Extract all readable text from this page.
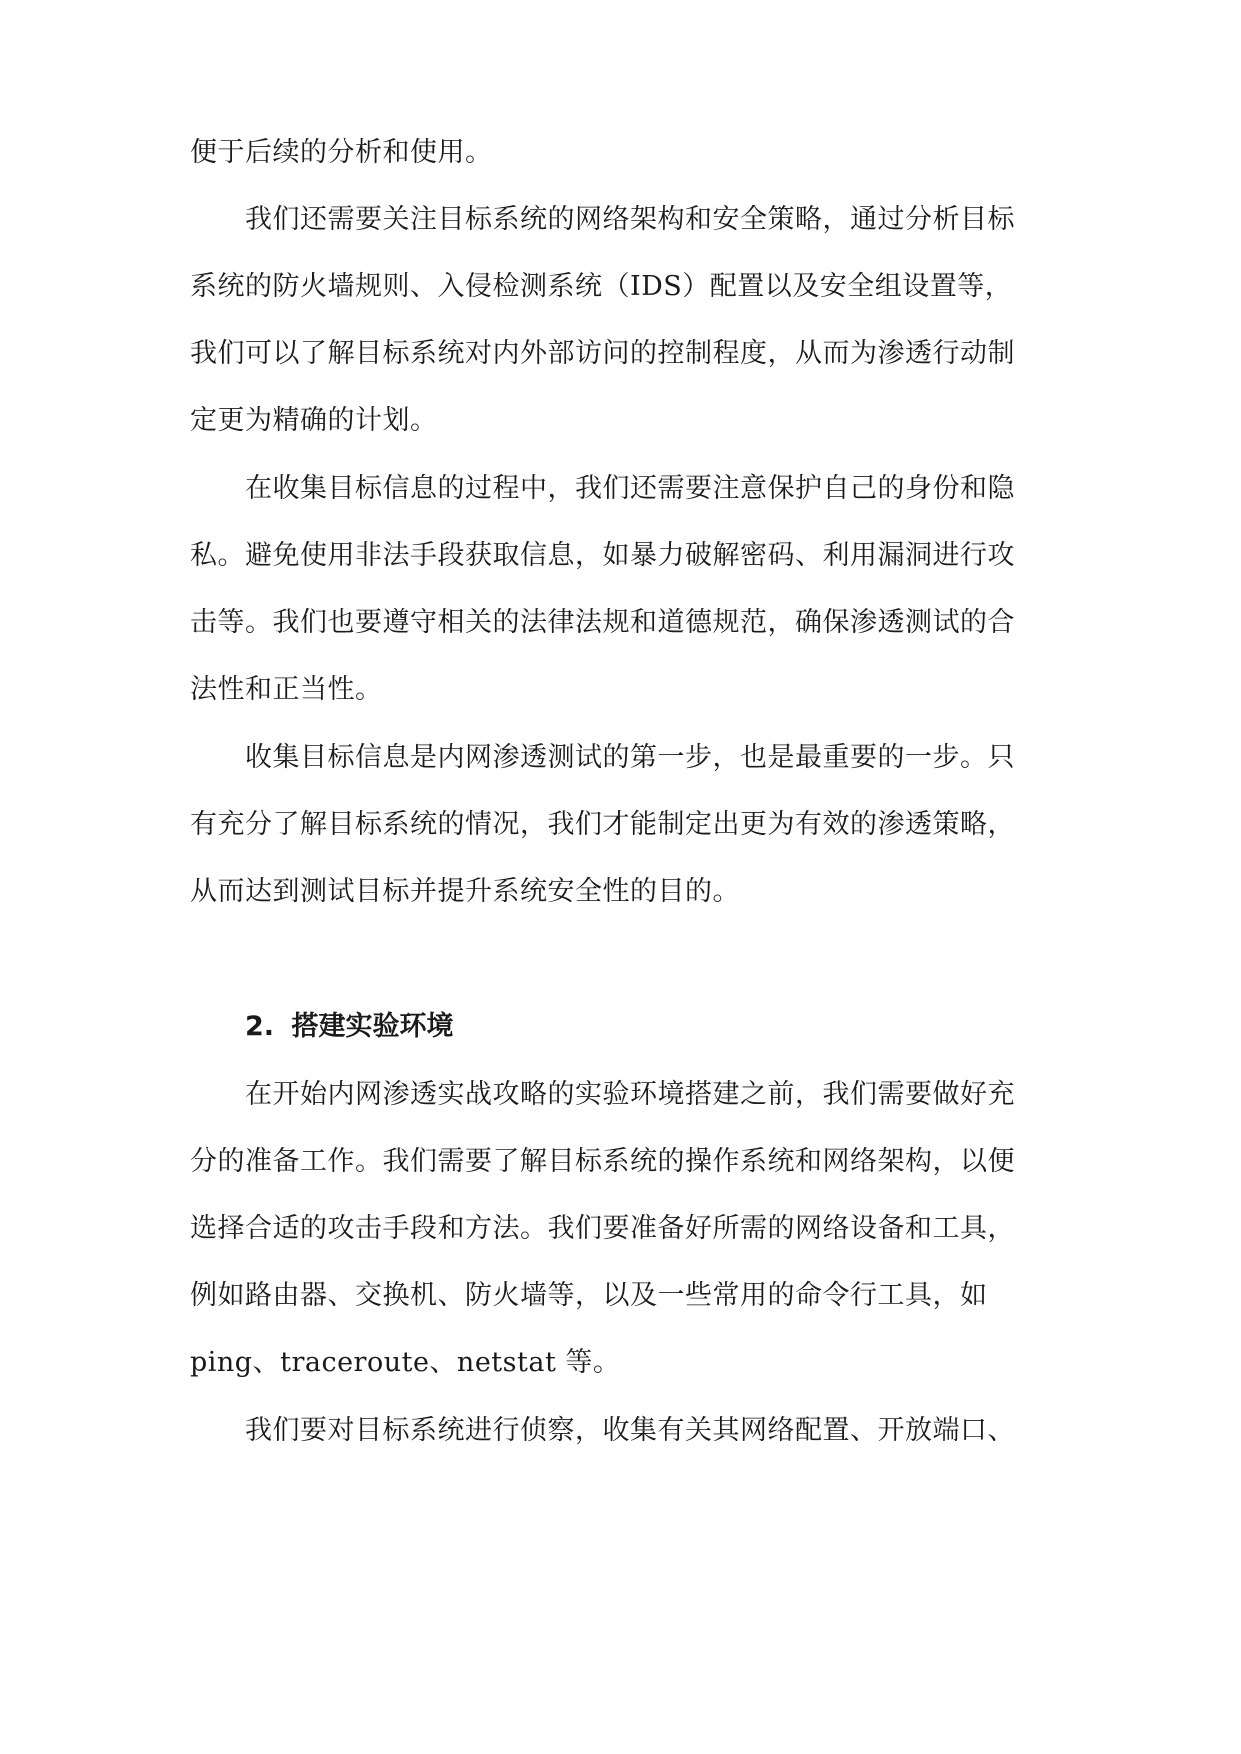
便于后续的分析和使用。
我们还需要关注目标系统的网络架构和安全策略，通过分析目标
系统的防火墙规则、入侵检测系统（IDS）配置以及安全组设置等，
我们可以了解目标系统对内外部访问的控制程度，从而为渗透行动制
定更为精确的计划。
在收集目标信息的过程中，我们还需要注意保护自己的身份和隐
私。避免使用非法手段获取信息，如暴力破解密码、利用漏洞进行攻
击等。我们也要遵守相关的法律法规和道德规范，确保渗透测试的合
法性和正当性。
收集目标信息是内网渗透测试的第一步，也是最重要的一步。只
有充分了解目标系统的情况，我们才能制定出更为有效的渗透策略，
从而达到测试目标并提升系统安全性的目的。
2. 搭建实验环境
在开始内网渗透实战攻略的实验环境搭建之前，我们需要做好充
分的准备工作。我们需要了解目标系统的操作系统和网络架构，以便
选择合适的攻击手段和方法。我们要准备好所需的网络设备和工具，
例如路由器、交换机、防火墙等，以及一些常用的命令行工具，如
ping、traceroute、netstat 等。
我们要对目标系统进行侦察，收集有关其网络配置、开放端口、
